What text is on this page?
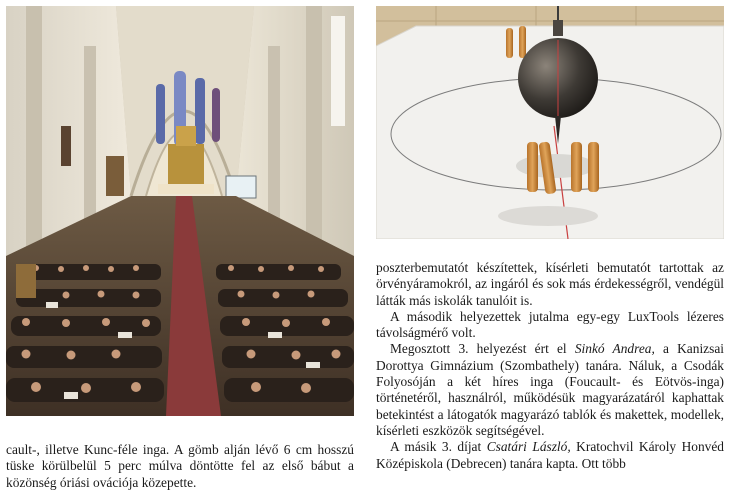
cault-, illetve Kunc-féle inga. A gömb alján lévő 6 cm hosszú tüske körülbelül 5 perc múlva döntötte fel az első bábut a közönség óriási ovációja közepette.

poszterbemutatót készítettek, kísérleti bemutatót tartottak az örvényáramokról, az ingáról és sok más érdekességről, vendégül látták más iskolák tanulóit is.

A második helyezettek jutalma egy-egy LuxTools lézeres távolságmérő volt.

Megosztott 3. helyezést ért el Sinkó Andrea, a Kanizsai Dorottya Gimnázium (Szombathely) tanára. Náluk, a Csodák Folyosóján a két híres inga (Foucault- és Eötvös-inga) történetéről, használról, működésük magyarázatáról kaphattak betekintést a látogatók magyarázó tablók és makettek, modellek, kísérleti eszközök segítségével.

A másik 3. díjat Csatári László, Kratochvil Károly Honvéd Középiskola (Debrecen) tanára kapta. Ott több
